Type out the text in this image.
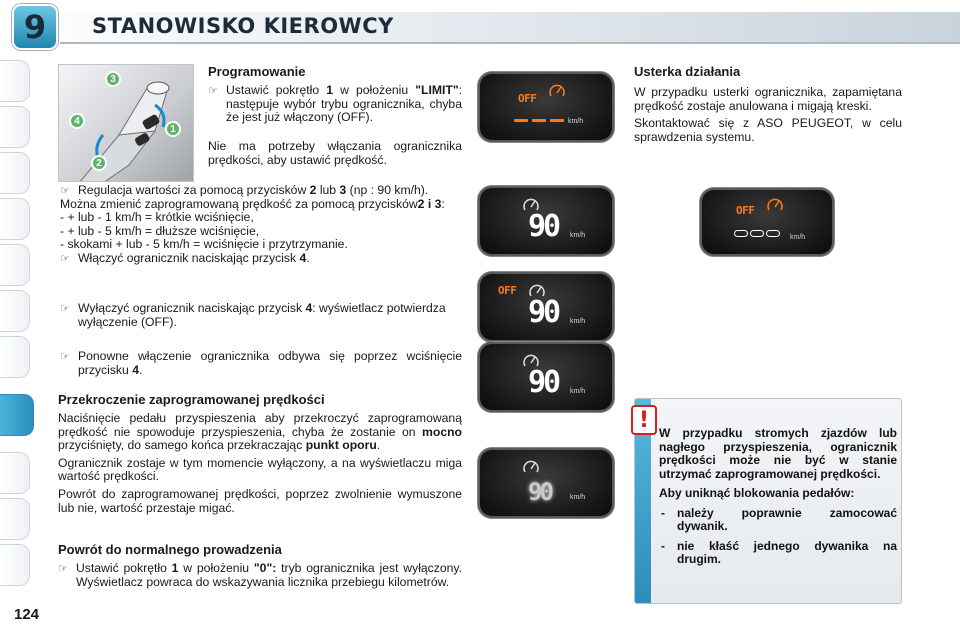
9	STANOWISKO KIEROWCY
3
1
4
2
Programowanie

☞ Ustawić pokrętło 1 w położeniu "LIMIT": następuje wybór trybu ogranicznika, chyba że jest już włączony (OFF).

Nie ma potrzeby włączania ogranicznika prędkości, aby ustawić prędkość.

☞ Regulacja wartości za pomocą przycisków 2 lub 3 (np : 90 km/h).

Można zmienić zaprogramowaną prędkość za pomocą przycisków2 i 3:

- + lub - 1 km/h = krótkie wciśnięcie,

- + lub - 5 km/h = dłuższe wciśnięcie,

- skokami + lub - 5 km/h = wciśnięcie i przytrzymanie.

☞ Włączyć ogranicznik naciskając przycisk 4.

☞ Wyłączyć ogranicznik naciskając przycisk 4: wyświetlacz potwierdza wyłączenie (OFF).

☞ Ponowne włączenie ogranicznika odbywa się poprzez wciśnięcie przycisku 4.

Przekroczenie zaprogramowanej prędkości

Naciśnięcie pedału przyspieszenia aby przekroczyć zaprogramowaną prędkość nie spowoduje przyspieszenia, chyba że zostanie on mocno przyciśnięty, do samego końca przekraczając punkt oporu.

Ogranicznik zostaje w tym momencie wyłączony, a na wyświetlaczu miga wartość prędkości.

Powrót do zaprogramowanej prędkości, poprzez zwolnienie wymuszone lub nie, wartość przestaje migać.

Powrót do normalnego prowadzenia

☞ Ustawić pokrętło 1 w położeniu "0": tryb ogranicznika jest wyłączony. Wyświetlacz powraca do wskazywania licznika przebiegu kilometrów.

Usterka działania

W przypadku usterki ogranicznika, zapamiętana prędkość zostaje anulowana i migają kreski.

Skontaktować się z ASO PEUGEOT, w celu sprawdzenia systemu.

OFF
km/h
90 km/h
OFF
90 km/h
90 km/h
90	km/h
OFF
km/h
!

W przypadku stromych zjazdów lub nagłego przyspieszenia, ogranicznik prędkości może nie być w stanie utrzymać zaprogramowanej prędkości.

Aby uniknąć blokowania pedałów:

- należy poprawnie zamocować dywanik.
- nie kłaść jednego dywanika na drugim.
124
